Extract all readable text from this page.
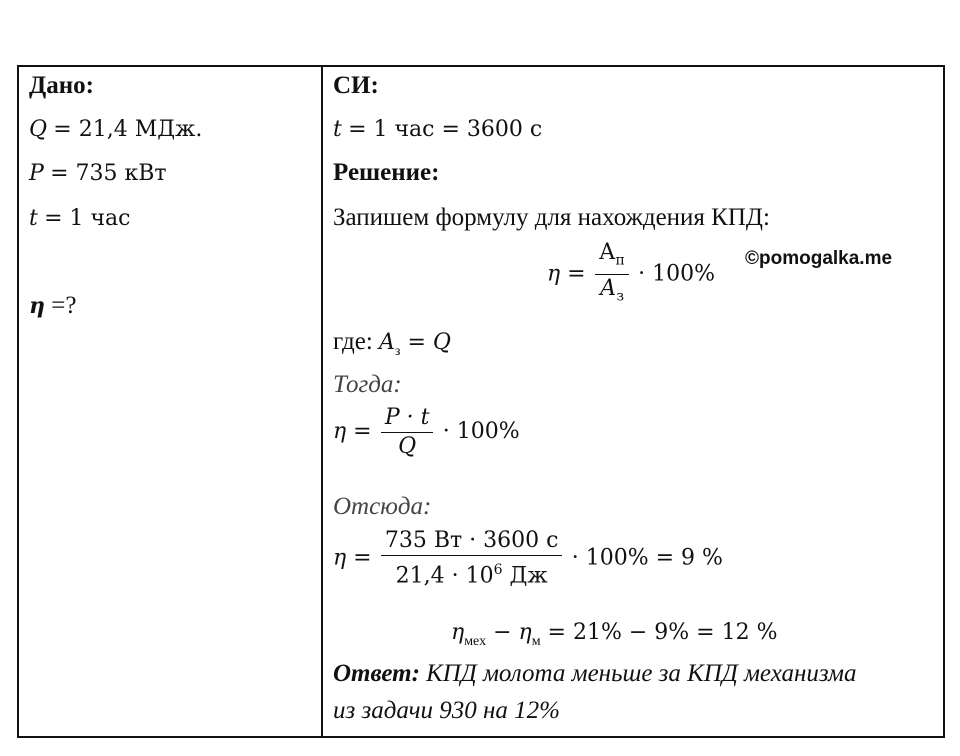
Дано:
Q = 21,4 МДж.
P = 735 кВт
t = 1 час
η =?
СИ:
t = 1 час = 3600 с
Решение:
Запишем формулу для нахождения КПД:
$\eta = \frac{А_п}{А_з} \cdot 100\%$
где: $A_з = Q$
Тогда:
$\eta = \frac{P \cdot t}{Q} \cdot 100\%$
Отсюда:
$\eta = \frac{735 Вт \cdot 3600 с}{21,4 \cdot 10^6 Дж} \cdot 100\% = 9$ %
$\eta_{мех} - \eta_м = 21\% - 9\% = 12$ %
Ответ: КПД молота меньше за КПД механизма
из задачи 930 на 12%
©pomogalka.me
